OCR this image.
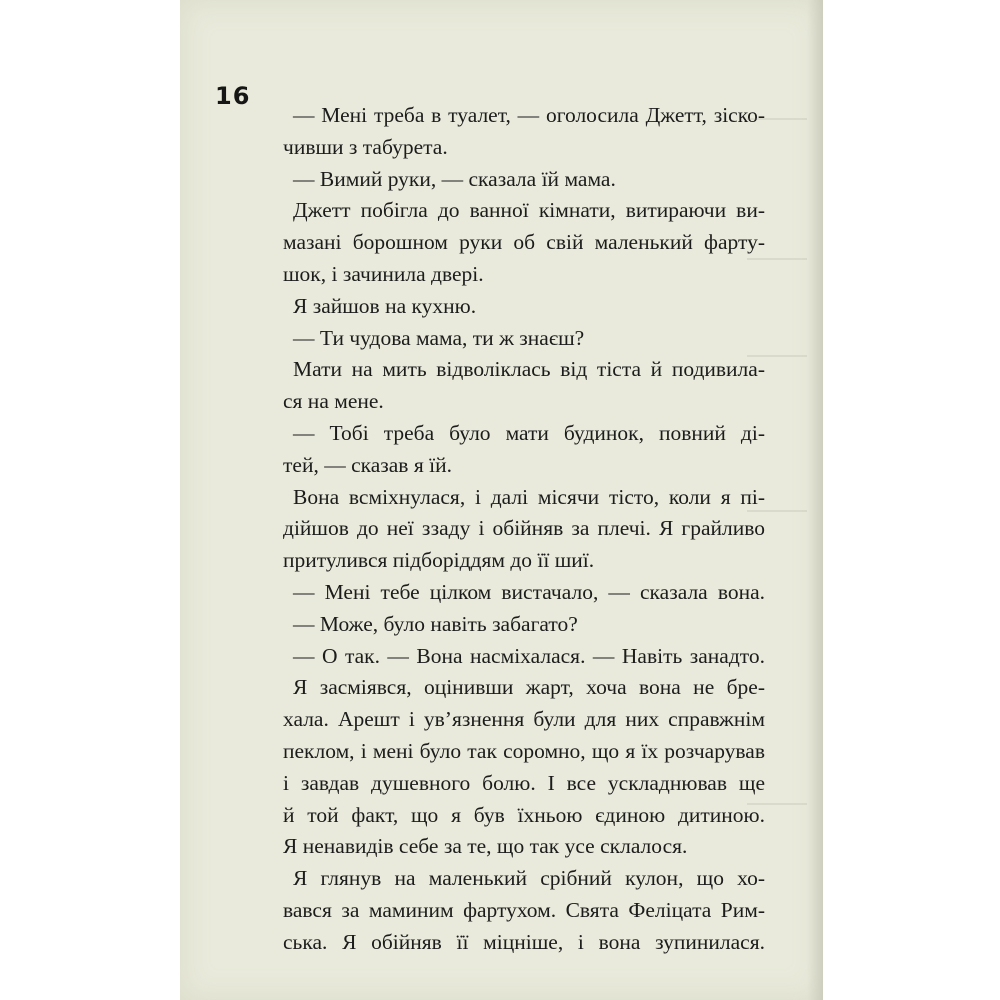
16
— Мені треба в туалет, — оголосила Джетт, зіско-
чивши з табурета.
— Вимий руки, — сказала їй мама.
Джетт побігла до ванної кімнати, витираючи ви-
мазані борошном руки об свій маленький фарту-
шок, і зачинила двері.
Я зайшов на кухню.
— Ти чудова мама, ти ж знаєш?
Мати на мить відволіклась від тіста й подивила-
ся на мене.
— Тобі треба було мати будинок, повний ді-
тей, — сказав я їй.
Вона всміхнулася, і далі місячи тісто, коли я пі-
дійшов до неї ззаду і обійняв за плечі. Я грайливо
притулився підборіддям до її шиї.
— Мені тебе цілком вистачало, — сказала вона.
— Може, було навіть забагато?
— О так. — Вона насміхалася. — Навіть занадто.
Я засміявся, оцінивши жарт, хоча вона не бре-
хала. Арешт і ув’язнення були для них справжнім
пеклом, і мені було так соромно, що я їх розчарував
і завдав душевного болю. І все ускладнював ще
й той факт, що я був їхньою єдиною дитиною.
Я ненавидів себе за те, що так усе склалося.
Я глянув на маленький срібний кулон, що хо-
вався за маминим фартухом. Свята Феліцата Рим-
ська. Я обійняв її міцніше, і вона зупинилася.
